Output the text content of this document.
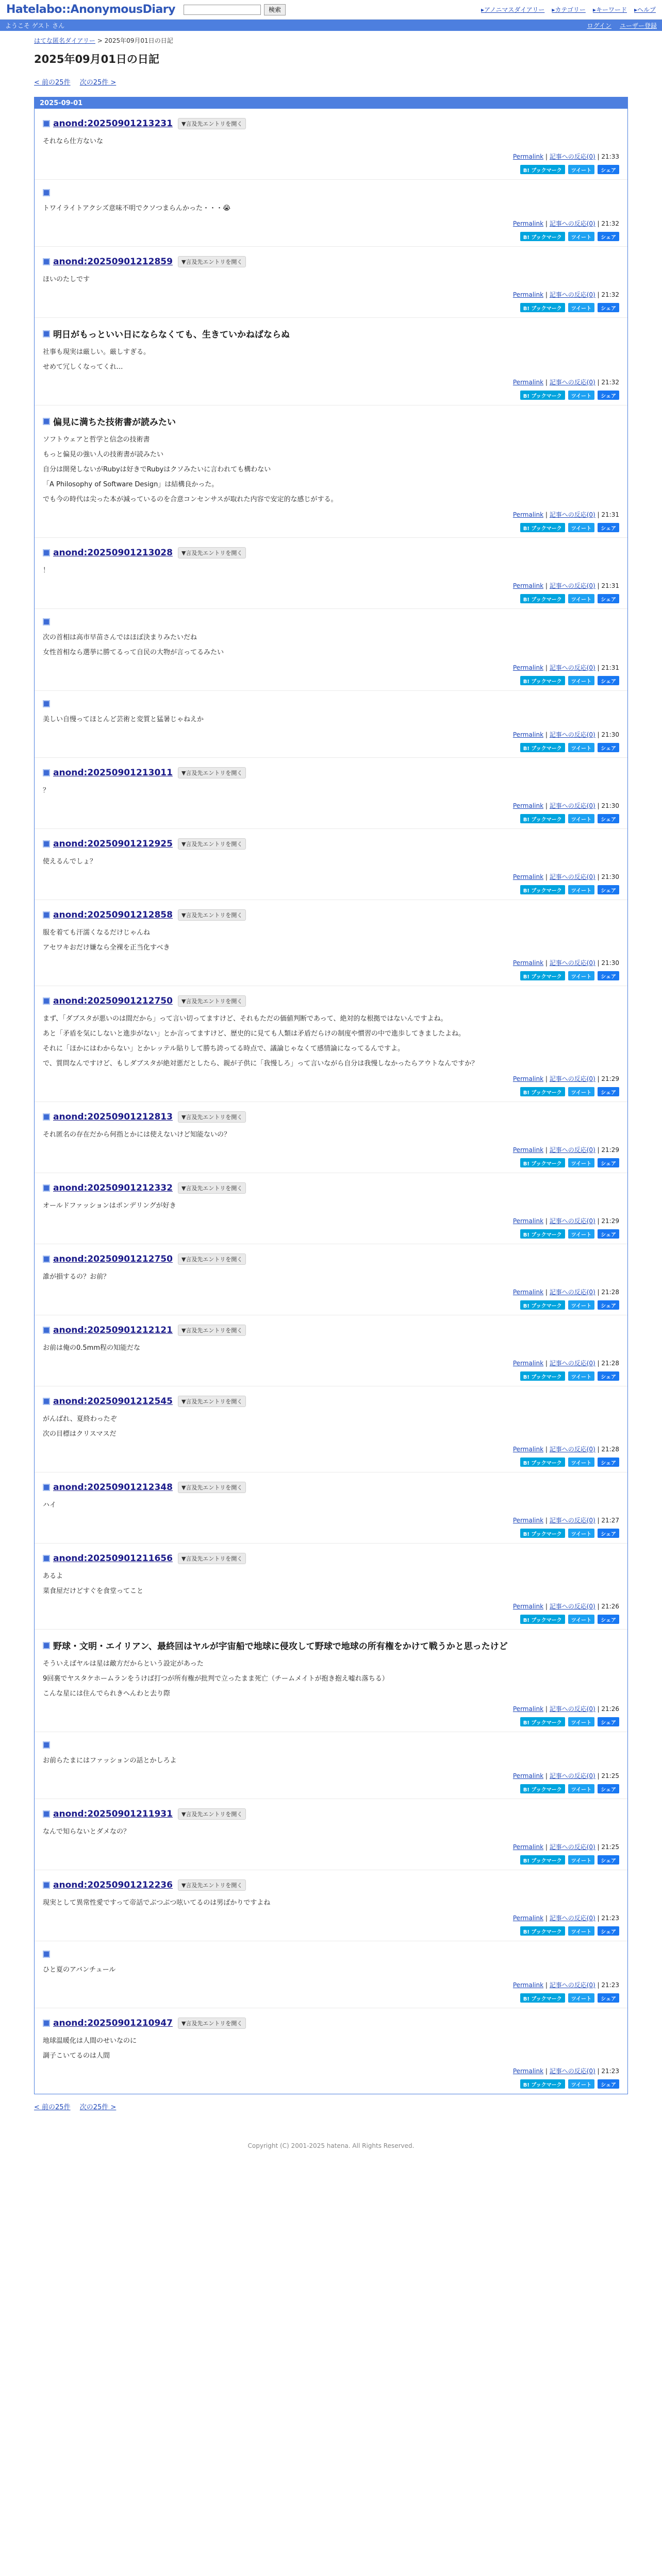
Hatelabo::AnonymousDiary	検索	▸ アノニマスダイアリー	▸ カテゴリー	▸ キーワード	▸ ヘルプ
ようこそ ゲスト さん	ログイン ユーザー登録
はてな匿名ダイアリー > 2025年09月01日の日記
2025年09月01日の日記
< 前の25件 次の25件 >
2025-09-01
anond:20250901213231	▼言及先エントリを開く

それなら仕方ないな

Permalink | 記事への反応(0) | 21:33
B! ブックマーク	ツイート	シェア

トワイライトアクシズ意味不明でクソつまらんかった・・・😭

Permalink | 記事への反応(0) | 21:32
B! ブックマーク	ツイート	シェア
anond:20250901212859	▼言及先エントリを開く

ほいのたしです

Permalink | 記事への反応(0) | 21:32
B! ブックマーク	ツイート	シェア
明日がもっといい日にならなくても、生きていかねばならぬ

社事も現実は厳しい。厳しすぎる。

せめて冗しくなってくれ...

Permalink | 記事への反応(0) | 21:32
B! ブックマーク	ツイート	シェア
偏見に満ちた技術書が読みたい

ソフトウェアと哲学と信念の技術書

もっと偏見の強い人の技術書が読みたい

自分は開発しないがRubyは好きでRubyはクソみたいに言われても構わない

「A Philosophy of Software Design」は結構良かった。

でも今の時代は尖った本が減っているのを合意コンセンサスが取れた内容で安定的な感じがする。

Permalink | 記事への反応(0) | 21:31
B! ブックマーク	ツイート	シェア
anond:20250901213028	▼言及先エントリを開く

！

Permalink | 記事への反応(0) | 21:31
B! ブックマーク	ツイート	シェア

次の首相は高市早苗さんではほぼ決まりみたいだね

女性首相なら選挙に勝てるって自民の大物が言ってるみたい

Permalink | 記事への反応(0) | 21:31
B! ブックマーク	ツイート	シェア

美しい自慢ってほとんど芸術と変質と猛暑じゃねえか

Permalink | 記事への反応(0) | 21:30
B! ブックマーク	ツイート	シェア
anond:20250901213011	▼言及先エントリを開く

？

Permalink | 記事への反応(0) | 21:30
B! ブックマーク	ツイート	シェア
anond:20250901212925	▼言及先エントリを開く

使えるんでしょ？

Permalink | 記事への反応(0) | 21:30
B! ブックマーク	ツイート	シェア
anond:20250901212858	▼言及先エントリを開く

服を着ても汗濡くなるだけじゃんね

アセワキおだけ嫌なら全裸を正当化すべき

Permalink | 記事への反応(0) | 21:30
B! ブックマーク	ツイート	シェア
anond:20250901212750	▼言及先エントリを開く

まず、「ダブスタが悪いのは間だから」って言い切ってますけど、それもただの価値判断であって、絶対的な根拠ではないんですよね。

あと「矛盾を気にしないと進歩がない」とか言ってますけど、歴史的に見ても人類は矛盾だらけの制度や慣習の中で進歩してきましたよね。

それに「ほかにはわからない」とかレッテル貼りして勝ち誇ってる時点で、議論じゃなくて感情論になってるんですよ。

で、質問なんですけど、もしダブスタが絶対悪だとしたら、親が子供に「我慢しろ」って言いながら自分は我慢しなかったらアウトなんですか？

Permalink | 記事への反応(0) | 21:29
B! ブックマーク	ツイート	シェア
anond:20250901212813	▼言及先エントリを開く

それ匿名の存在だから何指とかには使えないけど知能ないの？

Permalink | 記事への反応(0) | 21:29
B! ブックマーク	ツイート	シェア
anond:20250901212332	▼言及先エントリを開く

オールドファッションはポンデリングが好き

Permalink | 記事への反応(0) | 21:29
B! ブックマーク	ツイート	シェア
anond:20250901212750	▼言及先エントリを開く

誰が損するの？お前？

Permalink | 記事への反応(0) | 21:28
B! ブックマーク	ツイート	シェア
anond:20250901212121	▼言及先エントリを開く

お前は俺の0.5mm程の知能だな

Permalink | 記事への反応(0) | 21:28
B! ブックマーク	ツイート	シェア
anond:20250901212545	▼言及先エントリを開く

がんばれ、夏終わったぞ

次の目標はクリスマスだ

Permalink | 記事への反応(0) | 21:28
B! ブックマーク	ツイート	シェア
anond:20250901212348	▼言及先エントリを開く

ハイ

Permalink | 記事への反応(0) | 21:27
B! ブックマーク	ツイート	シェア
anond:20250901211656	▼言及先エントリを開く

あるよ

菜食屋だけどすぐを食堂ってこと

Permalink | 記事への反応(0) | 21:26
B! ブックマーク	ツイート	シェア
野球・文明・エイリアン、最終回はヤルが宇宙船で地球に侵攻して野球で地球の所有権をかけて戦うかと思ったけど

そういえばヤルは星は敵方だからという設定があった

9回裏でヤスタケホームランをうけば打つが所有権が批判で立ったまま死亡（チームメイトが抱き抱え嘘れ落ちる）

こんな星には住んでられきへんわと去り際

Permalink | 記事への反応(0) | 21:26
B! ブックマーク	ツイート	シェア

お前らたまにはファッションの話とかしろよ

Permalink | 記事への反応(0) | 21:25
B! ブックマーク	ツイート	シェア
anond:20250901211931	▼言及先エントリを開く

なんで知らないとダメなの？

Permalink | 記事への反応(0) | 21:25
B! ブックマーク	ツイート	シェア
anond:20250901212236	▼言及先エントリを開く

現実として異常性愛ですって帝話でぶつぶつ呟いてるのは男ばかりですよね

Permalink | 記事への反応(0) | 21:23
B! ブックマーク	ツイート	シェア

ひと夏のアバンチュール

Permalink | 記事への反応(0) | 21:23
B! ブックマーク	ツイート	シェア
anond:20250901210947	▼言及先エントリを開く

地球温暖化は人間のせいなのに

調子こいてるのは人間

Permalink | 記事への反応(0) | 21:23
B! ブックマーク	ツイート	シェア
< 前の25件 次の25件 >
Copyright (C) 2001-2025 hatena. All Rights Reserved.
